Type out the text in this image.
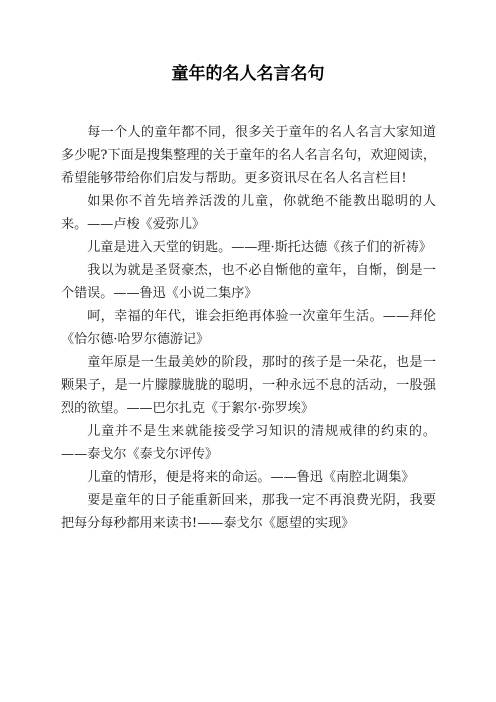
童年的名人名言名句

每一个人的童年都不同，很多关于童年的名人名言大家知道多少呢?下面是搜集整理的关于童年的名人名言名句，欢迎阅读，希望能够带给你们启发与帮助。更多资讯尽在名人名言栏目!

如果你不首先培养活泼的儿童，你就绝不能教出聪明的人来。——卢梭《爱弥儿》

儿童是进入天堂的钥匙。——理·斯托达德《孩子们的祈祷》

我以为就是圣贤豪杰，也不必自惭他的童年，自惭，倒是一个错误。——鲁迅《小说二集序》

呵，幸福的年代，谁会拒绝再体验一次童年生活。——拜伦《恰尔德·哈罗尔德游记》

童年原是一生最美妙的阶段，那时的孩子是一朵花，也是一颗果子，是一片朦朦胧胧的聪明，一种永远不息的活动，一股强烈的欲望。——巴尔扎克《于絮尔·弥罗埃》

儿童并不是生来就能接受学习知识的清规戒律的约束的。——泰戈尔《泰戈尔评传》

儿童的情形，便是将来的命运。——鲁迅《南腔北调集》

要是童年的日子能重新回来，那我一定不再浪费光阴，我要把每分每秒都用来读书!——泰戈尔《愿望的实现》
